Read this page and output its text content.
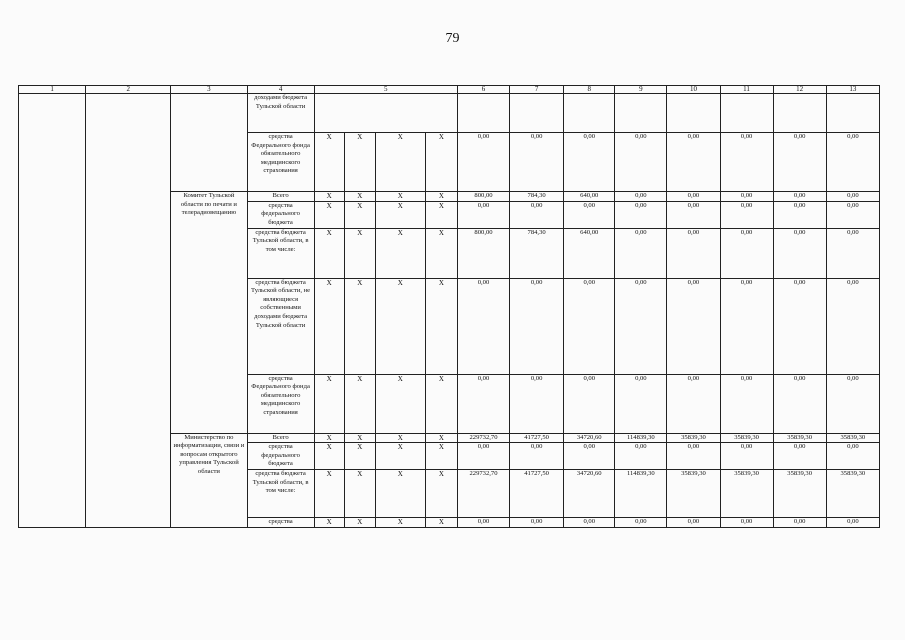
79
1	2	3	4	5				6	7	8	9	10	11	12	13
			доходами бюджета Тульской области												
			средства Федерального фонда обязательного медицинского страхования	X	X	X	X	0,00	0,00	0,00	0,00	0,00	0,00	0,00	0,00
		Комитет Тульской области по печати и телерадиовещанию	Всего	X	X	X	X	800,00	784,30	640,00	0,00	0,00	0,00	0,00	0,00
			средства федерального бюджета	X	X	X	X	0,00	0,00	0,00	0,00	0,00	0,00	0,00	0,00
			средства бюджета Тульской области, в том числе:	X	X	X	X	800,00	784,30	640,00	0,00	0,00	0,00	0,00	0,00
			средства бюджета Тульской области, не являющиеся собственными доходами бюджета Тульской области	X	X	X	X	0,00	0,00	0,00	0,00	0,00	0,00	0,00	0,00
			средства Федерального фонда обязательного медицинского страхования	X	X	X	X	0,00	0,00	0,00	0,00	0,00	0,00	0,00	0,00
		Министерство по информатизации, связи и вопросам открытого управления Тульской области	Всего	X	X	X	X	229732,70	41727,50	34720,60	114839,30	35839,30	35839,30	35839,30	35839,30
			средства федерального бюджета	X	X	X	X	0,00	0,00	0,00	0,00	0,00	0,00	0,00	0,00
			средства бюджета Тульской области, в том числе:	X	X	X	X	229732,70	41727,50	34720,60	114839,30	35839,30	35839,30	35839,30	35839,30
			средства	X	X	X	X	0,00	0,00	0,00	0,00	0,00	0,00	0,00	0,00
